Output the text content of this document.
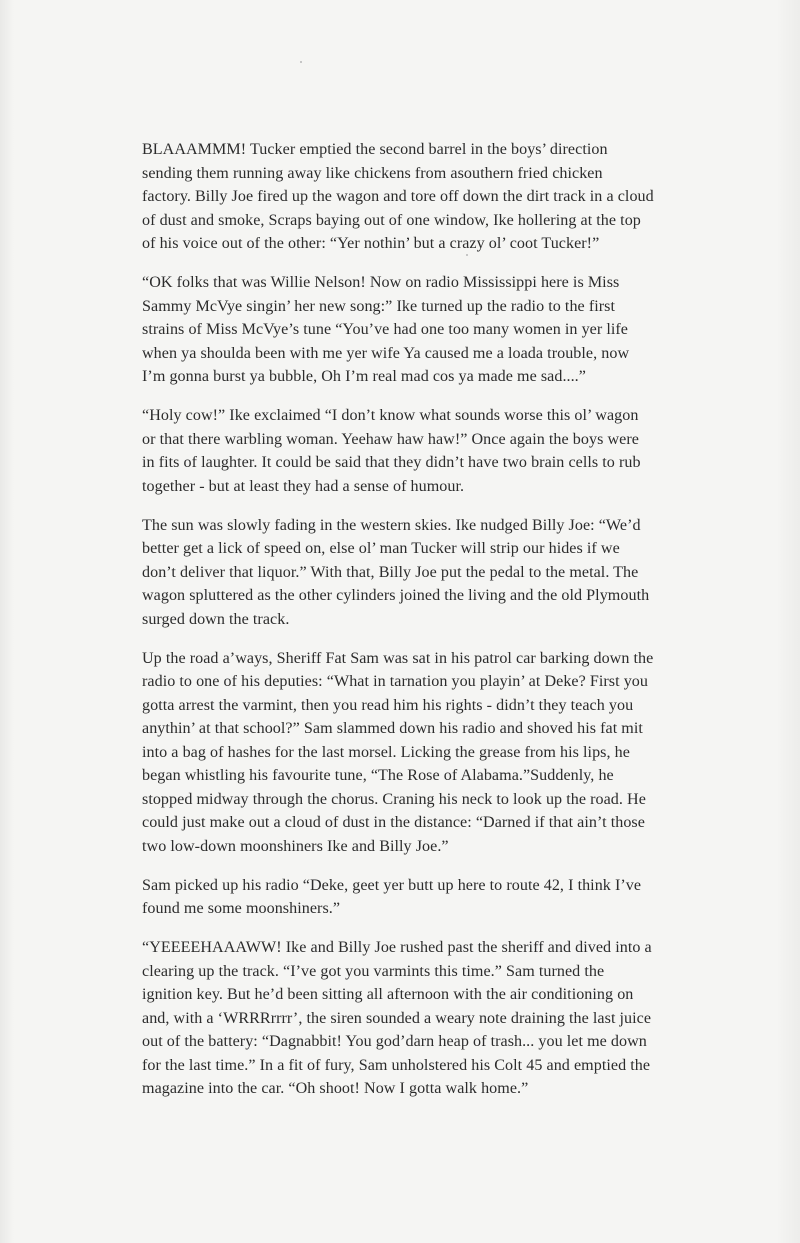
BLAAAMMM! Tucker emptied the second barrel in the boys’ direction sending them running away like chickens from asouthern fried chicken factory. Billy Joe fired up the wagon and tore off down the dirt track in a cloud of dust and smoke, Scraps baying out of one window, Ike hollering at the top of his voice out of the other: “Yer nothin’ but a crazy ol’ coot Tucker!”

“OK folks that was Willie Nelson! Now on radio Mississippi here is Miss Sammy McVye singin’ her new song:” Ike turned up the radio to the first strains of Miss McVye’s tune “You’ve had one too many women in yer life when ya shoulda been with me yer wife Ya caused me a loada trouble, now I’m gonna burst ya bubble, Oh I’m real mad cos ya made me sad....”

“Holy cow!” Ike exclaimed “I don’t know what sounds worse this ol’ wagon or that there warbling woman. Yeehaw haw haw!” Once again the boys were in fits of laughter. It could be said that they didn’t have two brain cells to rub together - but at least they had a sense of humour.

The sun was slowly fading in the western skies. Ike nudged Billy Joe: “We’d better get a lick of speed on, else ol’ man Tucker will strip our hides if we don’t deliver that liquor.” With that, Billy Joe put the pedal to the metal. The wagon spluttered as the other cylinders joined the living and the old Plymouth surged down the track.

Up the road a’ways, Sheriff Fat Sam was sat in his patrol car barking down the radio to one of his deputies: “What in tarnation you playin’ at Deke? First you gotta arrest the varmint, then you read him his rights - didn’t they teach you anythin’ at that school?” Sam slammed down his radio and shoved his fat mit into a bag of hashes for the last morsel. Licking the grease from his lips, he began whistling his favourite tune, “The Rose of Alabama.”Suddenly, he stopped midway through the chorus. Craning his neck to look up the road. He could just make out a cloud of dust in the distance: “Darned if that ain’t those two low-down moonshiners Ike and Billy Joe.”

Sam picked up his radio “Deke, geet yer butt up here to route 42, I think I’ve found me some moonshiners.”

“YEEEEHAAAWW! Ike and Billy Joe rushed past the sheriff and dived into a clearing up the track. “I’ve got you varmints this time.” Sam turned the ignition key. But he’d been sitting all afternoon with the air conditioning on and, with a ‘WRRRrrrr’, the siren sounded a weary note draining the last juice out of the battery: “Dagnabbit! You god’darn heap of trash... you let me down for the last time.” In a fit of fury, Sam unholstered his Colt 45 and emptied the magazine into the car. “Oh shoot! Now I gotta walk home.”
